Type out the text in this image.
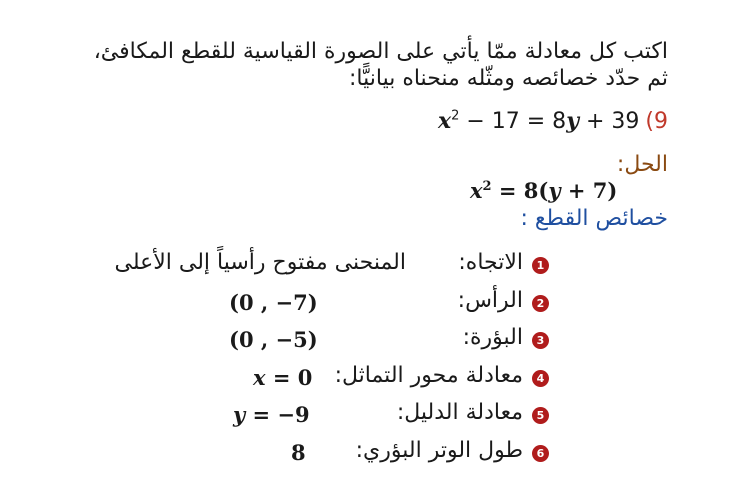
اكتب كل معادلة ممّا يأتي على الصورة القياسية للقطع المكافئ،
ثم حدّد خصائصه ومثّله منحناه بيانيًّا:
$x^2 - 17 = 8y + 39$ (9
الحل:
$x^2 = 8(y + 7)$
خصائص القطع :
1
الاتجاه:
المنحنى مفتوح رأسياً إلى الأعلى
2
الرأس:
(0 , −7)
3
البؤرة:
(0 , −5)
4
معادلة محور التماثل:
x = 0
5
معادلة الدليل:
y = −9
6
طول الوتر البؤري:
8
